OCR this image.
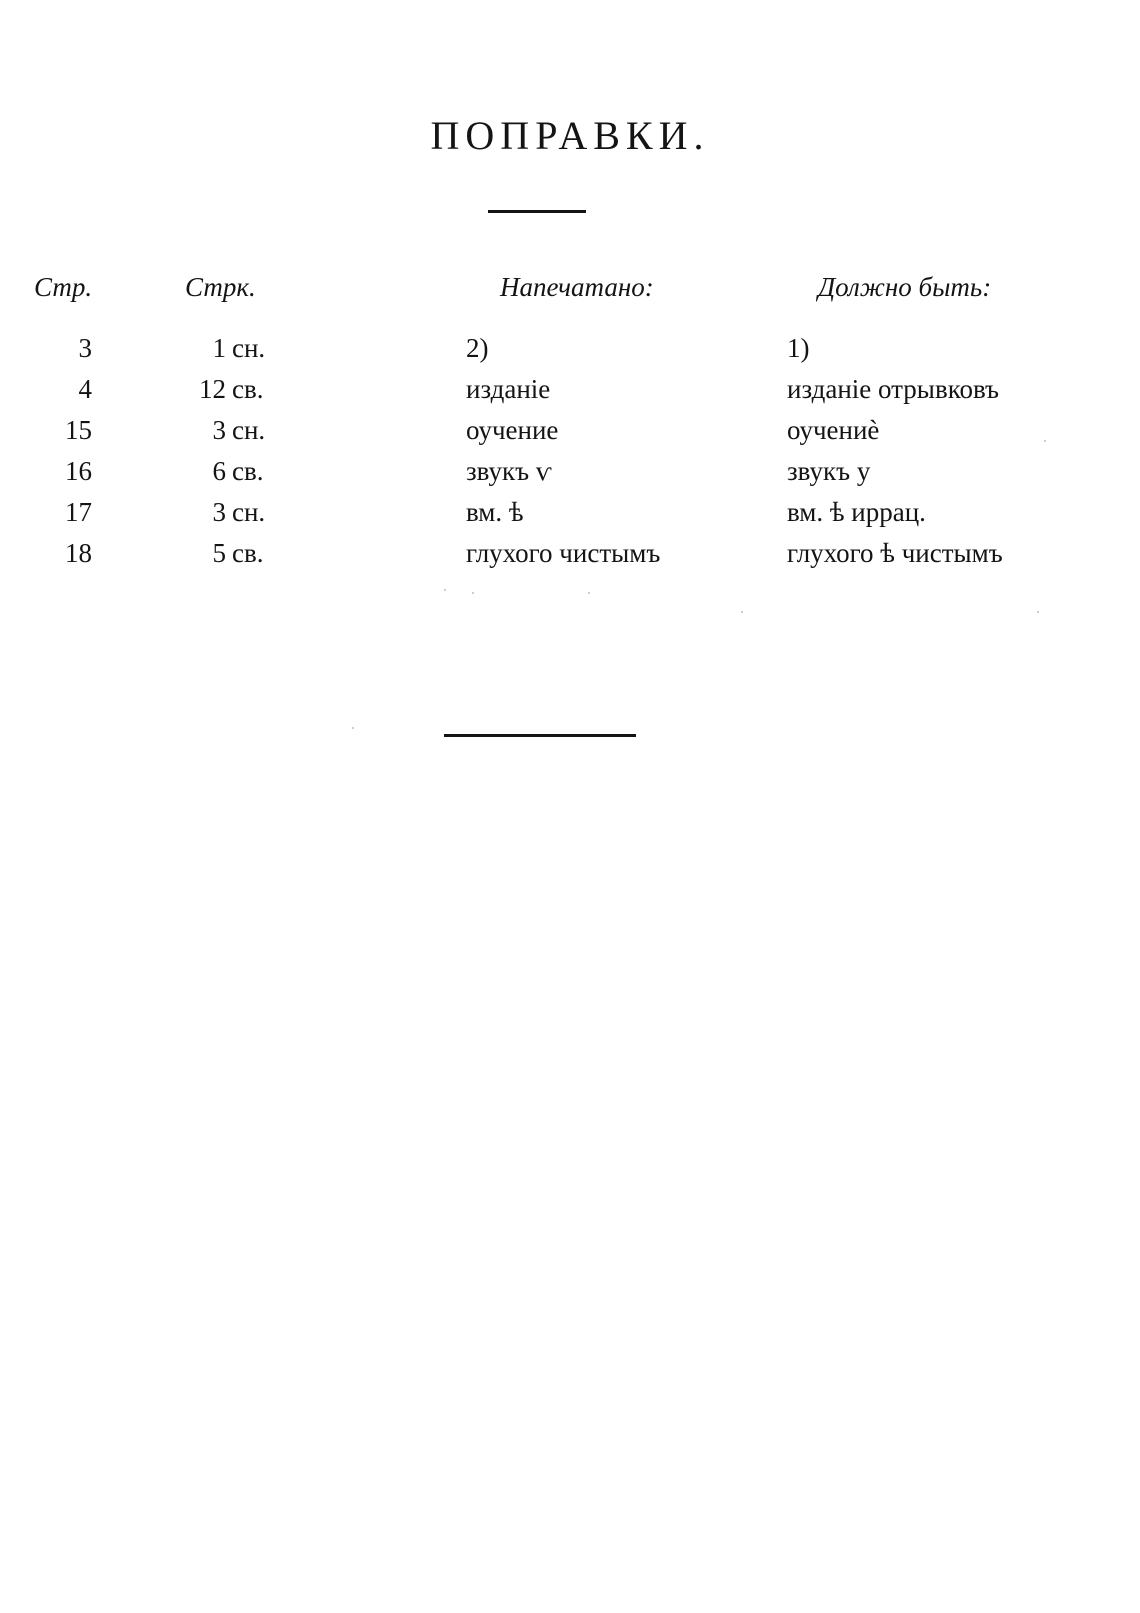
ПОПРАВКИ.
Стр.	Стрк.	Напечатано:	Должно быть:
3	1 сн.	2)	1)
4	12 св.	изданіе	изданіе отрывковъ
15	3 сн.	оучение	оучениѐ
16	6 св.	звукъ ѵ	звукъ у
17	3 сн.	вм. ѣ	вм. ѣ иррац.
18	5 св.	глухого чистымъ	глухого ѣ чистымъ
